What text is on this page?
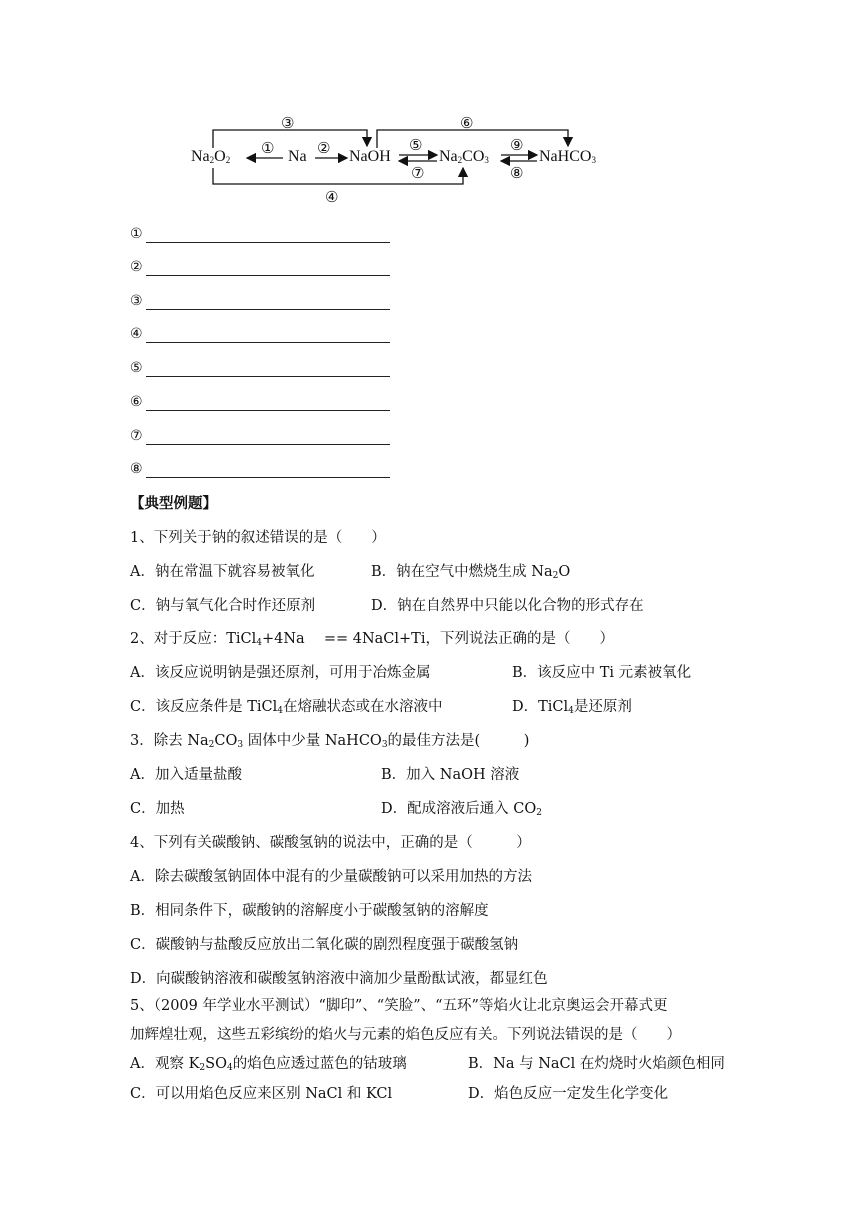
$Na_2O_2$	Na	NaOH	$Na_2CO_3$	NaHCO$_3$
③	⑥
①	②	⑤
⑦
⑨
⑧
④
①
②
③
④
⑤
⑥
⑦
⑧
【典型例题】
1、下列关于钠的叙述错误的是（　　）
A．钠在常温下就容易被氧化	B．钠在空气中燃烧生成 $Na_2O$
C．钠与氧气化合时作还原剂	D．钠在自然界中只能以化合物的形式存在
2、对于反应：TiCl$_4$+4Na　 == 4NaCl+Ti，下列说法正确的是（　　）
A．该反应说明钠是强还原剂，可用于冶炼金属	B．该反应中 Ti 元素被氧化
C．该反应条件是 TiCl$_4$在熔融状态或在水溶液中	D．TiCl$_4$是还原剂
3．除去 $Na_2CO_3$ 固体中少量 NaHCO$_3$的最佳方法是(　　　)
A．加入适量盐酸	B．加入 NaOH 溶液
C．加热	D．配成溶液后通入 $CO_2$
4、下列有关碳酸钠、碳酸氢钠的说法中，正确的是（　　　）
A．除去碳酸氢钠固体中混有的少量碳酸钠可以采用加热的方法
B．相同条件下，碳酸钠的溶解度小于碳酸氢钠的溶解度
C．碳酸钠与盐酸反应放出二氧化碳的剧烈程度强于碳酸氢钠
D．向碳酸钠溶液和碳酸氢钠溶液中滴加少量酚酞试液，都显红色
5、（2009 年学业水平测试）“脚印”、“笑脸”、“五环”等焰火让北京奥运会开幕式更
加辉煌壮观，这些五彩缤纷的焰火与元素的焰色反应有关。下列说法错误的是（　　）
A．观察 $K_2SO_4$的焰色应透过蓝色的钴玻璃	B．Na 与 NaCl 在灼烧时火焰颜色相同
C．可以用焰色反应来区别 NaCl 和 KCl	D．焰色反应一定发生化学变化
